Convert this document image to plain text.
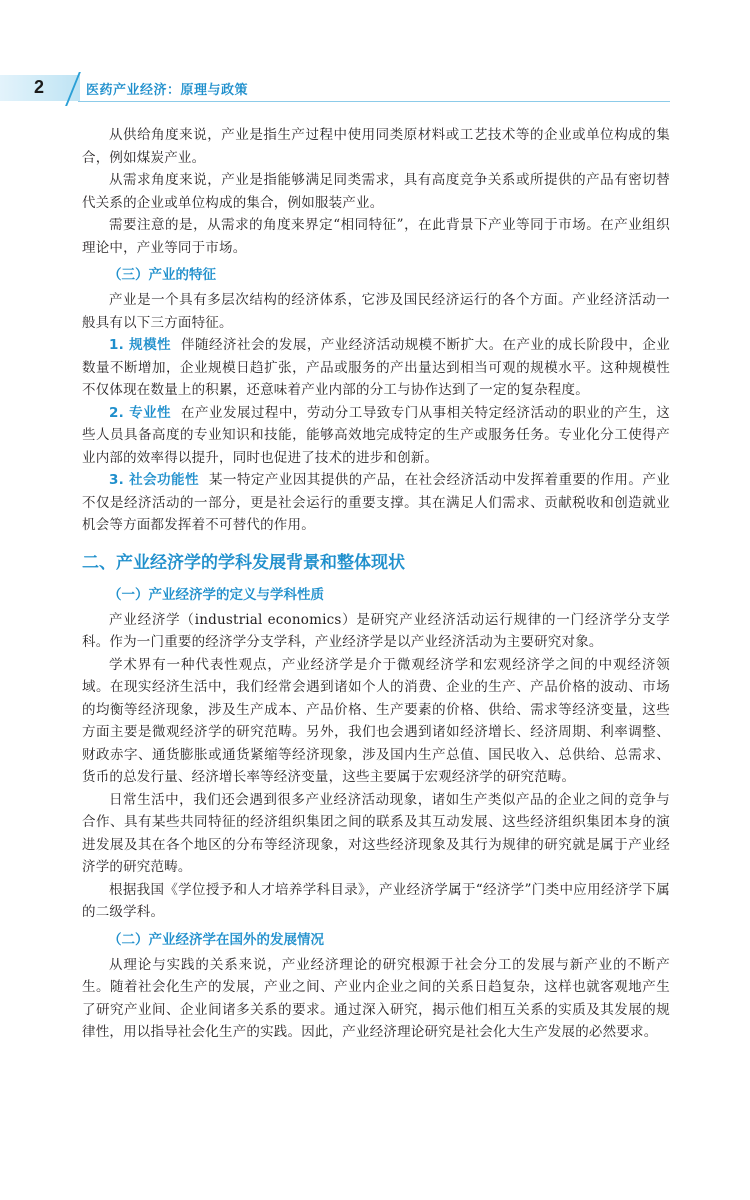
2	医药产业经济：原理与政策

从供给角度来说，产业是指生产过程中使用同类原材料或工艺技术等的企业或单位构成的集合，例如煤炭产业。

从需求角度来说，产业是指能够满足同类需求，具有高度竞争关系或所提供的产品有密切替代关系的企业或单位构成的集合，例如服装产业。

需要注意的是，从需求的角度来界定“相同特征”，在此背景下产业等同于市场。在产业组织理论中，产业等同于市场。

（三）产业的特征

产业是一个具有多层次结构的经济体系，它涉及国民经济运行的各个方面。产业经济活动一般具有以下三方面特征。

1. 规模性 伴随经济社会的发展，产业经济活动规模不断扩大。在产业的成长阶段中，企业数量不断增加，企业规模日趋扩张，产品或服务的产出量达到相当可观的规模水平。这种规模性不仅体现在数量上的积累，还意味着产业内部的分工与协作达到了一定的复杂程度。

2. 专业性 在产业发展过程中，劳动分工导致专门从事相关特定经济活动的职业的产生，这些人员具备高度的专业知识和技能，能够高效地完成特定的生产或服务任务。专业化分工使得产业内部的效率得以提升，同时也促进了技术的进步和创新。

3. 社会功能性 某一特定产业因其提供的产品，在社会经济活动中发挥着重要的作用。产业不仅是经济活动的一部分，更是社会运行的重要支撑。其在满足人们需求、贡献税收和创造就业机会等方面都发挥着不可替代的作用。

二、产业经济学的学科发展背景和整体现状
（一）产业经济学的定义与学科性质

产业经济学（industrial economics）是研究产业经济活动运行规律的一门经济学分支学科。作为一门重要的经济学分支学科，产业经济学是以产业经济活动为主要研究对象。

学术界有一种代表性观点，产业经济学是介于微观经济学和宏观经济学之间的中观经济领域。在现实经济生活中，我们经常会遇到诸如个人的消费、企业的生产、产品价格的波动、市场的均衡等经济现象，涉及生产成本、产品价格、生产要素的价格、供给、需求等经济变量，这些方面主要是微观经济学的研究范畴。另外，我们也会遇到诸如经济增长、经济周期、利率调整、财政赤字、通货膨胀或通货紧缩等经济现象，涉及国内生产总值、国民收入、总供给、总需求、货币的总发行量、经济增长率等经济变量，这些主要属于宏观经济学的研究范畴。

日常生活中，我们还会遇到很多产业经济活动现象，诸如生产类似产品的企业之间的竞争与合作、具有某些共同特征的经济组织集团之间的联系及其互动发展、这些经济组织集团本身的演进发展及其在各个地区的分布等经济现象，对这些经济现象及其行为规律的研究就是属于产业经济学的研究范畴。

根据我国《学位授予和人才培养学科目录》，产业经济学属于“经济学”门类中应用经济学下属的二级学科。

（二）产业经济学在国外的发展情况

从理论与实践的关系来说，产业经济理论的研究根源于社会分工的发展与新产业的不断产生。随着社会化生产的发展，产业之间、产业内企业之间的关系日趋复杂，这样也就客观地产生了研究产业间、企业间诸多关系的要求。通过深入研究，揭示他们相互关系的实质及其发展的规律性，用以指导社会化生产的实践。因此，产业经济理论研究是社会化大生产发展的必然要求。
